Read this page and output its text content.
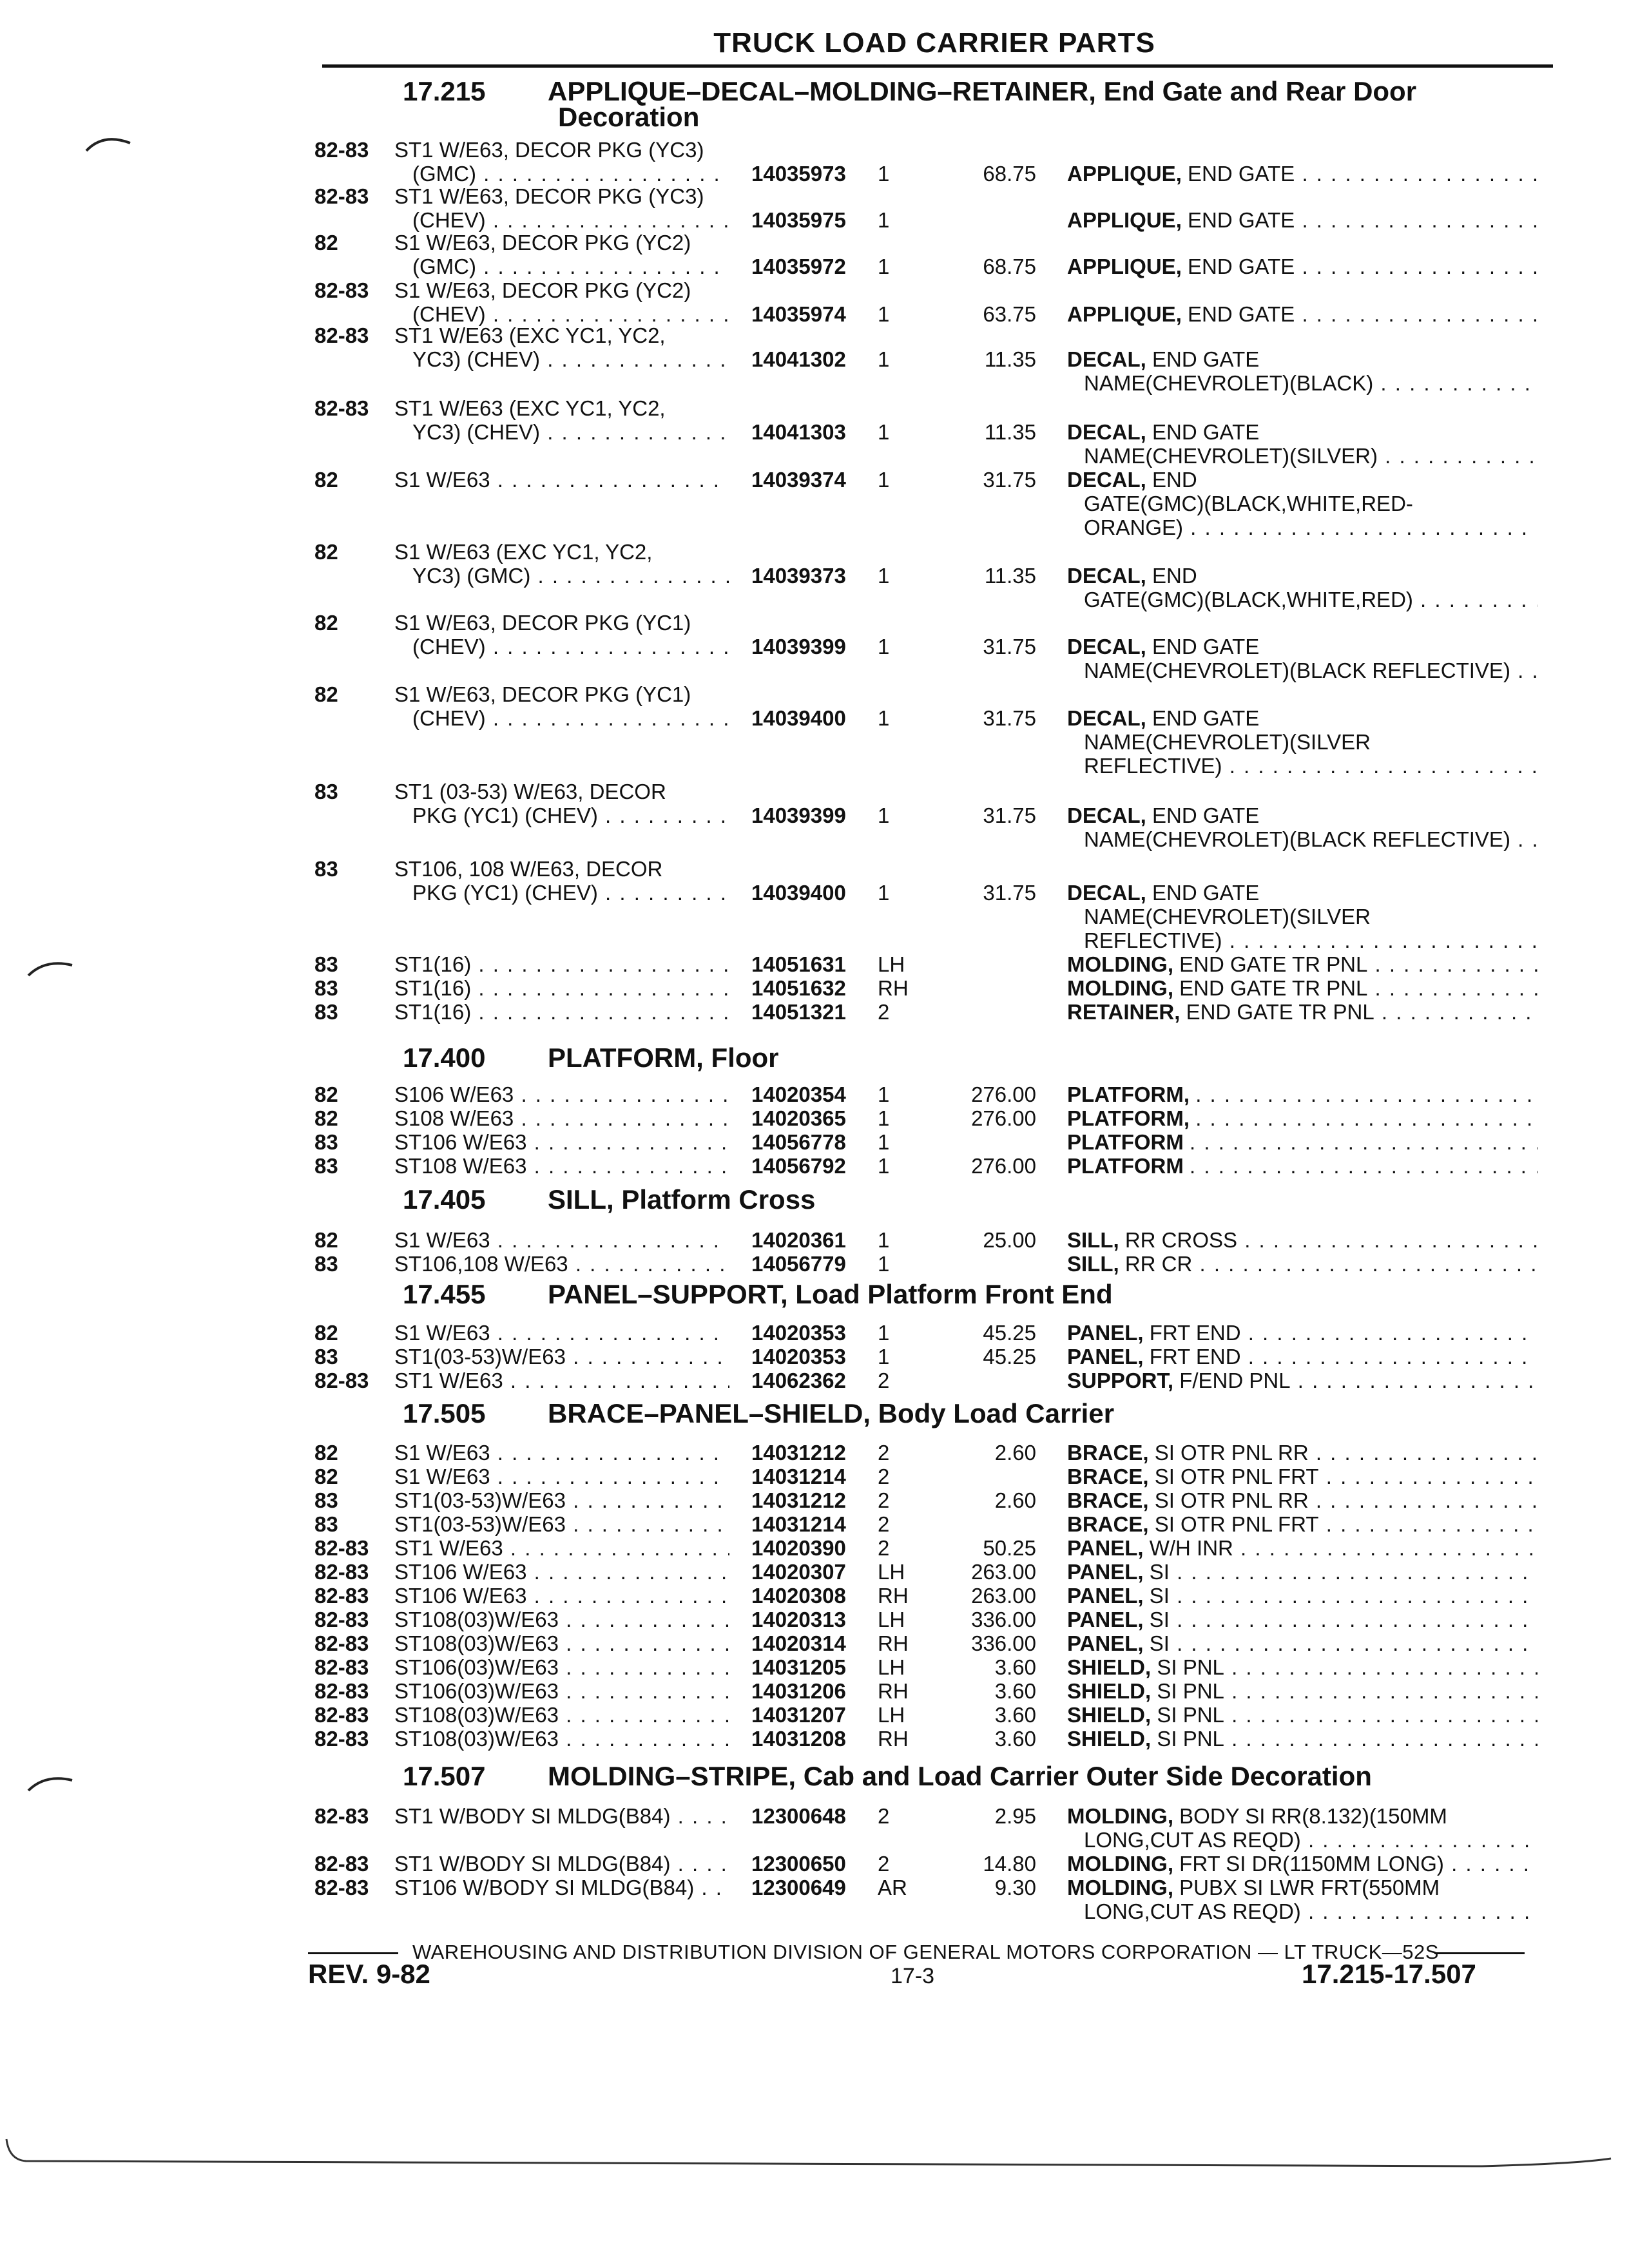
TRUCK LOAD CARRIER PARTS
17.215 APPLIQUE–DECAL–MOLDING–RETAINER, End Gate and Rear Door
Decoration
82-83	ST1 W/E63, DECOR PKG (YC3)
(GMC) . . .	14035973	1	68.75 APPLIQUE, END GATE . . .
82-83	ST1 W/E63, DECOR PKG (YC3)
(CHEV) . . .	14035975	1	APPLIQUE, END GATE . . .
82	S1 W/E63, DECOR PKG (YC2)
(GMC) . . .	14035972	1	68.75 APPLIQUE, END GATE . . .
82-83	S1 W/E63, DECOR PKG (YC2)
(CHEV) . . .	14035974	1	63.75 APPLIQUE, END GATE . . .
82-83	ST1 W/E63 (EXC YC1, YC2,
YC3) (CHEV) . . .	14041302	1	11.35 DECAL, END GATE
NAME(CHEVROLET)(BLACK) . . .
82-83	ST1 W/E63 (EXC YC1, YC2,
YC3) (CHEV) . . .	14041303	1	11.35 DECAL, END GATE
NAME(CHEVROLET)(SILVER) . . .
82	S1 W/E63 . . .	14039374	1	31.75 DECAL, END
GATE(GMC)(BLACK,WHITE,RED-
ORANGE) . . .
82	S1 W/E63 (EXC YC1, YC2,
YC3) (GMC) . . .	14039373	1	11.35 DECAL, END
GATE(GMC)(BLACK,WHITE,RED) . . .
82	S1 W/E63, DECOR PKG (YC1)
(CHEV) . . .	14039399	1	31.75 DECAL, END GATE
NAME(CHEVROLET)(BLACK REFLECTIVE) . . .
82	S1 W/E63, DECOR PKG (YC1)
(CHEV) . . .	14039400	1	31.75 DECAL, END GATE
NAME(CHEVROLET)(SILVER
REFLECTIVE) . . .
83	ST1 (03-53) W/E63, DECOR
PKG (YC1) (CHEV) . . .	14039399	1	31.75 DECAL, END GATE
NAME(CHEVROLET)(BLACK REFLECTIVE) . . .
83	ST106, 108 W/E63, DECOR
PKG (YC1) (CHEV) . . .	14039400	1	31.75 DECAL, END GATE
NAME(CHEVROLET)(SILVER
REFLECTIVE) . . .
83	ST1(16) . . .	14051631	LH	MOLDING, END GATE TR PNL . . .
83	ST1(16) . . .	14051632	RH	MOLDING, END GATE TR PNL . . .
83	ST1(16) . . .	14051321	2	RETAINER, END GATE TR PNL . . .
17.400 PLATFORM, Floor
82	S106 W/E63 . . .	14020354	1	276.00 PLATFORM, . . .
82	S108 W/E63 . . .	14020365	1	276.00 PLATFORM, . . .
83	ST106 W/E63 . . .	14056778	1	PLATFORM . . .
83	ST108 W/E63 . . .	14056792	1	276.00 PLATFORM . . .
17.405 SILL, Platform Cross
82	S1 W/E63 . . .	14020361	1	25.00 SILL, RR CROSS . . .
83	ST106,108 W/E63 . . .	14056779	1	SILL, RR CR . . .
17.455 PANEL–SUPPORT, Load Platform Front End
82	S1 W/E63 . . .	14020353	1	45.25 PANEL, FRT END . . .
83	ST1(03-53)W/E63 . . .	14020353	1	45.25 PANEL, FRT END . . .
82-83	ST1 W/E63 . . .	14062362	2	SUPPORT, F/END PNL . . .
17.505 BRACE–PANEL–SHIELD, Body Load Carrier
82	S1 W/E63 . . .	14031212	2	2.60 BRACE, SI OTR PNL RR . . .
82	S1 W/E63 . . .	14031214	2	BRACE, SI OTR PNL FRT . . .
83	ST1(03-53)W/E63 . . .	14031212	2	2.60 BRACE, SI OTR PNL RR . . .
83	ST1(03-53)W/E63 . . .	14031214	2	BRACE, SI OTR PNL FRT . . .
82-83	ST1 W/E63 . . .	14020390	2	50.25 PANEL, W/H INR . . .
82-83	ST106 W/E63 . . .	14020307	LH	263.00 PANEL, SI . . .
82-83	ST106 W/E63 . . .	14020308	RH	263.00 PANEL, SI . . .
82-83	ST108(03)W/E63 . . .	14020313	LH	336.00 PANEL, SI . . .
82-83	ST108(03)W/E63 . . .	14020314	RH	336.00 PANEL, SI . . .
82-83	ST106(03)W/E63 . . .	14031205	LH	3.60 SHIELD, SI PNL . . .
82-83	ST106(03)W/E63 . . .	14031206	RH	3.60 SHIELD, SI PNL . . .
82-83	ST108(03)W/E63 . . .	14031207	LH	3.60 SHIELD, SI PNL . . .
82-83	ST108(03)W/E63 . . .	14031208	RH	3.60 SHIELD, SI PNL . . .
17.507 MOLDING–STRIPE, Cab and Load Carrier Outer Side Decoration
82-83	ST1 W/BODY SI MLDG(B84) . . .	12300648	2	2.95 MOLDING, BODY SI RR(8.132)(150MM
LONG,CUT AS REQD) . . .
82-83	ST1 W/BODY SI MLDG(B84) . . .	12300650	2	14.80 MOLDING, FRT SI DR(1150MM LONG) . . .
82-83	ST106 W/BODY SI MLDG(B84) . . .	12300649	AR	9.30 MOLDING, PUBX SI LWR FRT(550MM
LONG,CUT AS REQD) . . .
WAREHOUSING AND DISTRIBUTION DIVISION OF GENERAL MOTORS CORPORATION — LT TRUCK—52S
REV. 9-82	17-3	17.215-17.507
